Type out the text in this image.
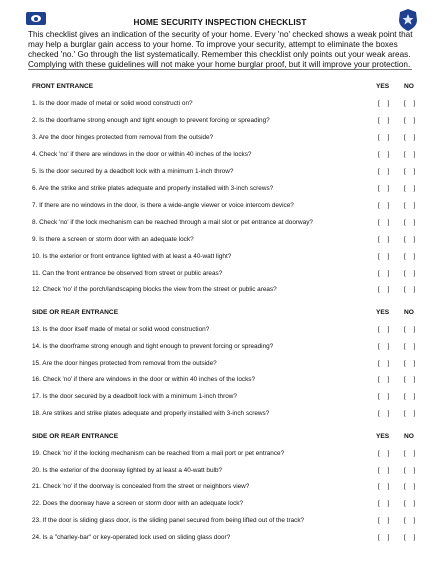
HOME SECURITY INSPECTION CHECKLIST
This checklist gives an indication of the security of your home. Every 'no' checked shows a weak point that
may help a burglar gain access to your home. To improve your security, attempt to eliminate the boxes
checked 'no.' Go through the list systematically. Remember this checklist only points out your weak areas.
Complying with these guidelines will not make your home burglar proof, but it will improve your protection.
FRONT ENTRANCE	YES NO
1. Is the door made of metal or solid wood constructi on?	[ ] [ ]
2. Is the doorframe strong enough and tight enough to prevent forcing or spreading?	[ ] [ ]
3. Are the door hinges protected from removal from the outside?	[ ] [ ]
4. Check 'no' if there are windows in the door or within 40 inches of the locks?	[ ] [ ]
5. Is the door secured by a deadbolt lock with a minimum 1-inch throw?	[ ] [ ]
6. Are the strike and strike plates adequate and properly installed with 3-inch screws?	[ ] [ ]
7. If there are no windows in the door, is there a wide-angle viewer or voice intercom device?	[ ] [ ]
8. Check 'no' if the lock mechanism can be reached through a mail slot or pet entrance at doorway?	[ ] [ ]
9. Is there a screen or storm door with an adequate lock?	[ ] [ ]
10. Is the exterior or front entrance lighted with at least a 40-watt light?	[ ] [ ]
11. Can the front entrance be observed from street or public areas?	[ ] [ ]
12. Check 'no' if the porch/landscaping blocks the view from the street or public areas?	[ ] [ ]
SIDE OR REAR ENTRANCE	YES NO
13. Is the door itself made of metal or solid wood construction?	[ ] [ ]
14. Is the doorframe strong enough and tight enough to prevent forcing or spreading?	[ ] [ ]
15. Are the door hinges protected from removal from the outside?	[ ] [ ]
16. Check 'no' if there are windows in the door or within 40 inches of the locks?	[ ] [ ]
17. Is the door secured by a deadbolt lock with a minimum 1-inch throw?	[ ] [ ]
18. Are strikes and strike plates adequate and properly installed with 3-inch screws?	[ ] [ ]
SIDE OR REAR ENTRANCE	YES NO
19. Check 'no' if the locking mechanism can be reached from a mail port or pet entrance?	[ ] [ ]
20. Is the exterior of the doorway lighted by at least a 40-watt bulb?	[ ] [ ]
21. Check 'no' if the doorway is concealed from the street or neighbors view?	[ ] [ ]
22. Does the doorway have a screen or storm door with an adequate lock?	[ ] [ ]
23. If the door is sliding glass door, is the sliding panel secured from being lifted out of the track?	[ ] [ ]
24. Is a "charley-bar" or key-operated lock used on sliding glass door?	[ ] [ ]
